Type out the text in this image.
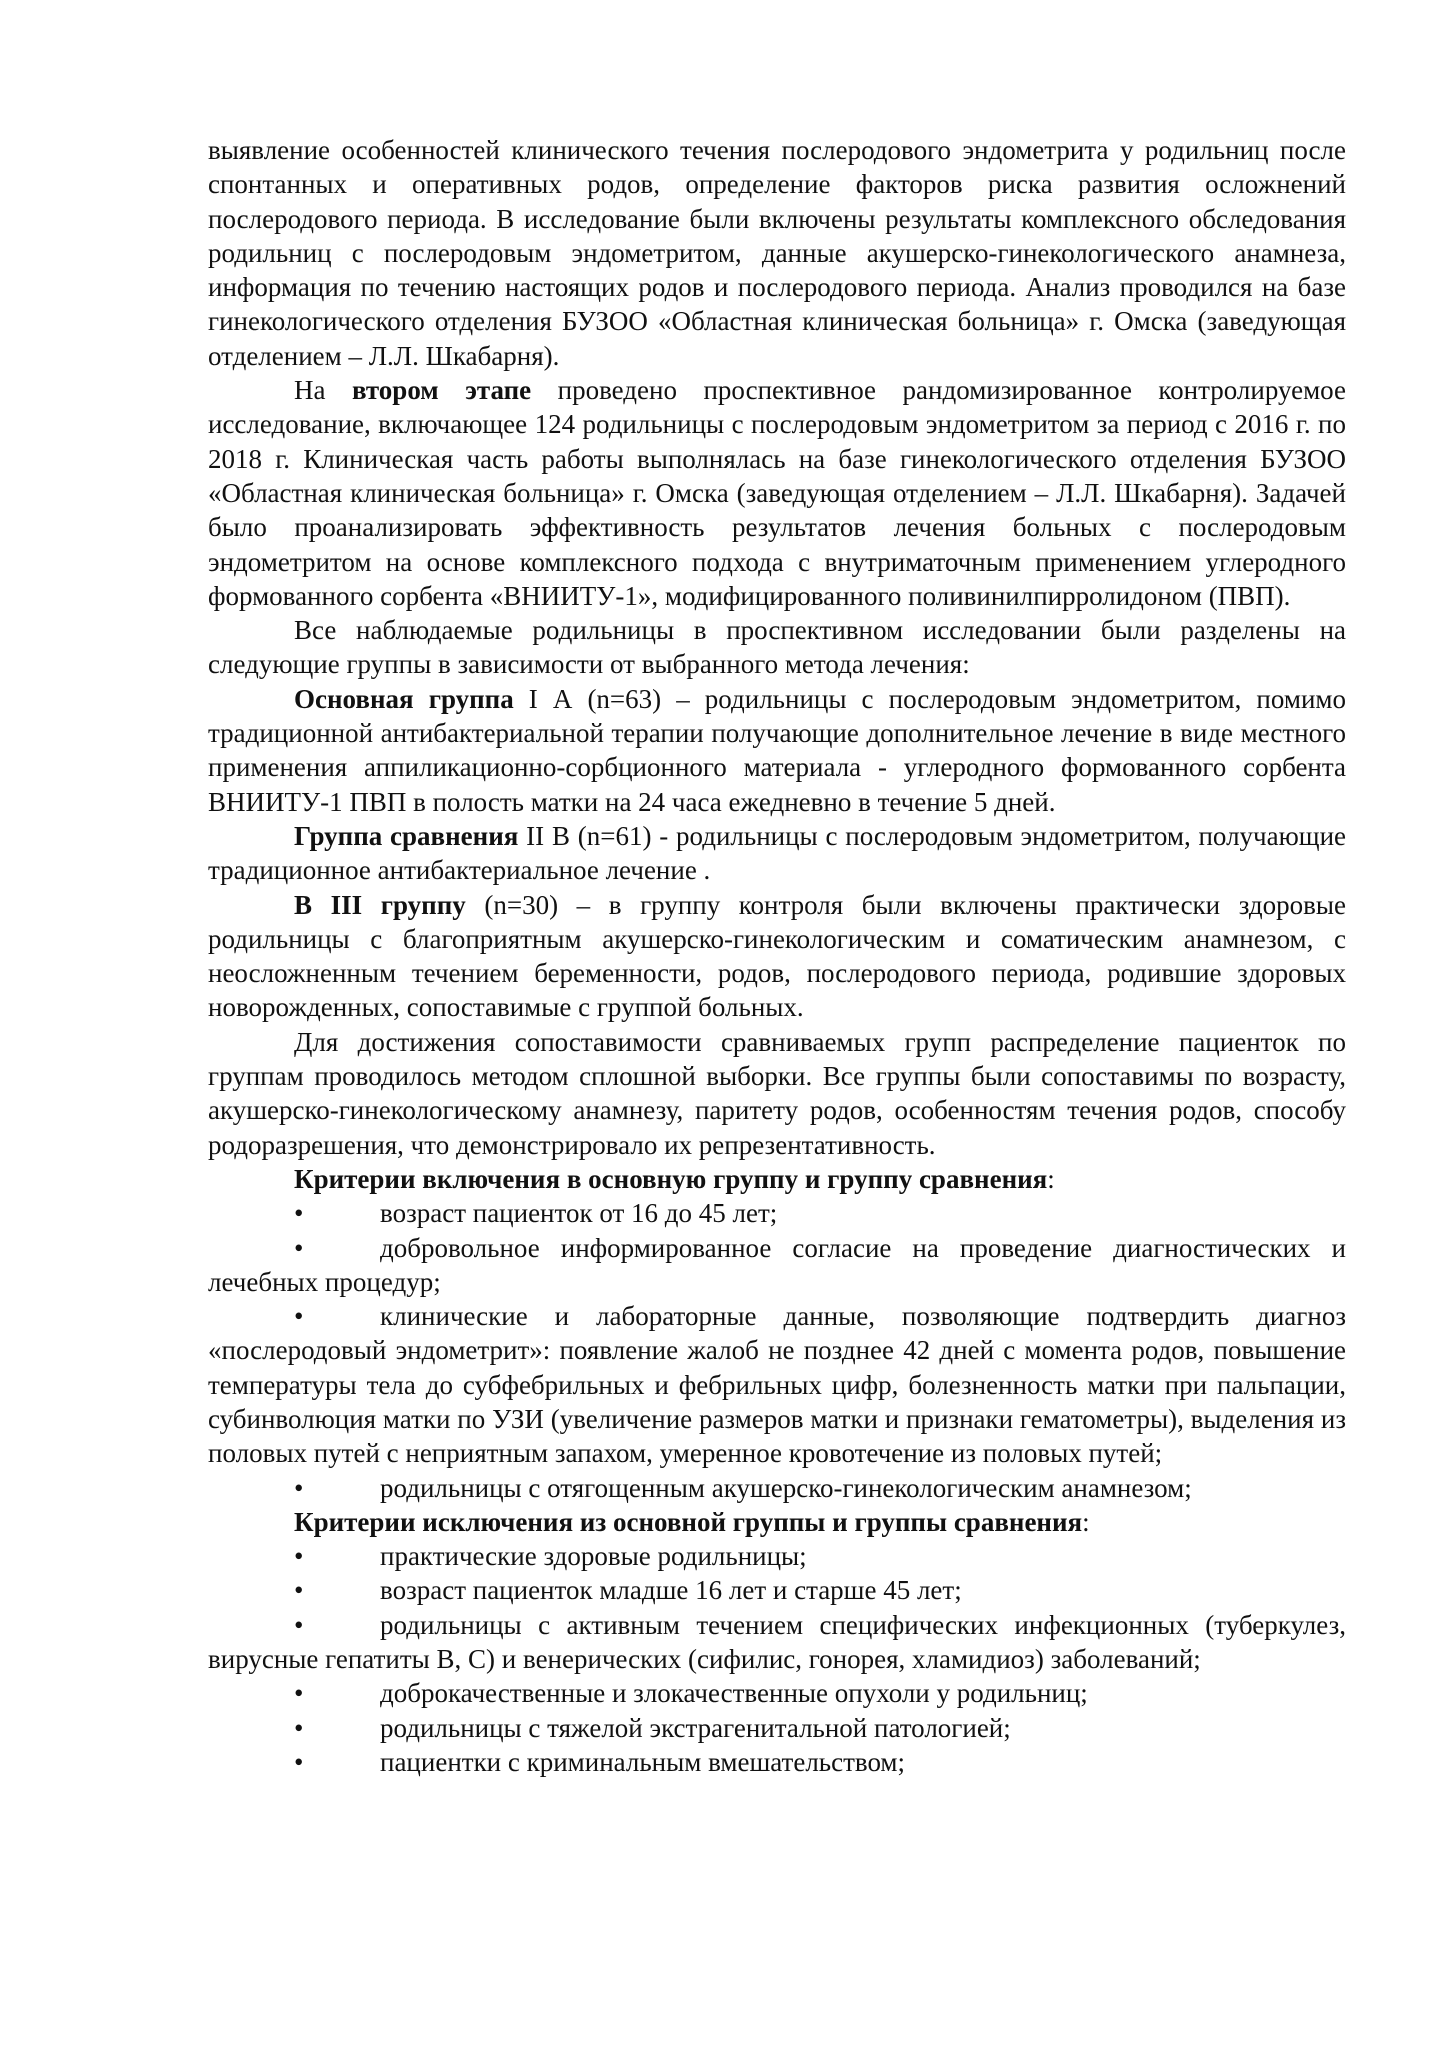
выявление особенностей клинического течения послеродового эндометрита у родильниц после спонтанных и оперативных родов, определение факторов риска развития осложнений послеродового периода. В исследование были включены результаты комплексного обследования родильниц с послеродовым эндометритом, данные акушерско-гинекологического анамнеза, информация по течению настоящих родов и послеродового периода. Анализ проводился на базе гинекологического отделения БУЗОО «Областная клиническая больница» г. Омска (заведующая отделением – Л.Л. Шкабарня).

На втором этапе проведено проспективное рандомизированное контролируемое исследование, включающее 124 родильницы с послеродовым эндометритом за период с 2016 г. по 2018 г. Клиническая часть работы выполнялась на базе гинекологического отделения БУЗОО «Областная клиническая больница» г. Омска (заведующая отделением – Л.Л. Шкабарня). Задачей было проанализировать эффективность результатов лечения больных с послеродовым эндометритом на основе комплексного подхода с внутриматочным применением углеродного формованного сорбента «ВНИИТУ-1», модифицированного поливинилпирролидоном (ПВП).

Все наблюдаемые родильницы в проспективном исследовании были разделены на следующие группы в зависимости от выбранного метода лечения:

Основная группа I А (n=63) – родильницы с послеродовым эндометритом, помимо традиционной антибактериальной терапии получающие дополнительное лечение в виде местного применения аппиликационно-сорбционного материала - углеродного формованного сорбента ВНИИТУ-1 ПВП в полость матки на 24 часа ежедневно в течение 5 дней.

Группа сравнения II В (n=61) - родильницы с послеродовым эндометритом, получающие традиционное антибактериальное лечение .

В III группу (n=30) – в группу контроля были включены практически здоровые родильницы с благоприятным акушерско-гинекологическим и соматическим анамнезом, с неосложненным течением беременности, родов, послеродового периода, родившие здоровых новорожденных, сопоставимые с группой больных.

Для достижения сопоставимости сравниваемых групп распределение пациенток по группам проводилось методом сплошной выборки. Все группы были сопоставимы по возрасту, акушерско-гинекологическому анамнезу, паритету родов, особенностям течения родов, способу родоразрешения, что демонстрировало их репрезентативность.

Критерии включения в основную группу и группу сравнения:

•	возраст пациенток от 16 до 45 лет;

•	добровольное информированное согласие на проведение диагностических и лечебных процедур;

•	клинические и лабораторные данные, позволяющие подтвердить диагноз «послеродовый эндометрит»: появление жалоб не позднее 42 дней с момента родов, повышение температуры тела до субфебрильных и фебрильных цифр, болезненность матки при пальпации, субинволюция матки по УЗИ (увеличение размеров матки и признаки гематометры), выделения из половых путей с неприятным запахом, умеренное кровотечение из половых путей;

•	родильницы с отягощенным акушерско-гинекологическим анамнезом;

Критерии исключения из основной группы и группы сравнения:

•	практические здоровые родильницы;

•	возраст пациенток младше 16 лет и старше 45 лет;

•	родильницы с активным течением специфических инфекционных (туберкулез, вирусные гепатиты В, С) и венерических (сифилис, гонорея, хламидиоз) заболеваний;

•	доброкачественные и злокачественные опухоли у родильниц;

•	родильницы с тяжелой экстрагенитальной патологией;

•	пациентки с криминальным вмешательством;
